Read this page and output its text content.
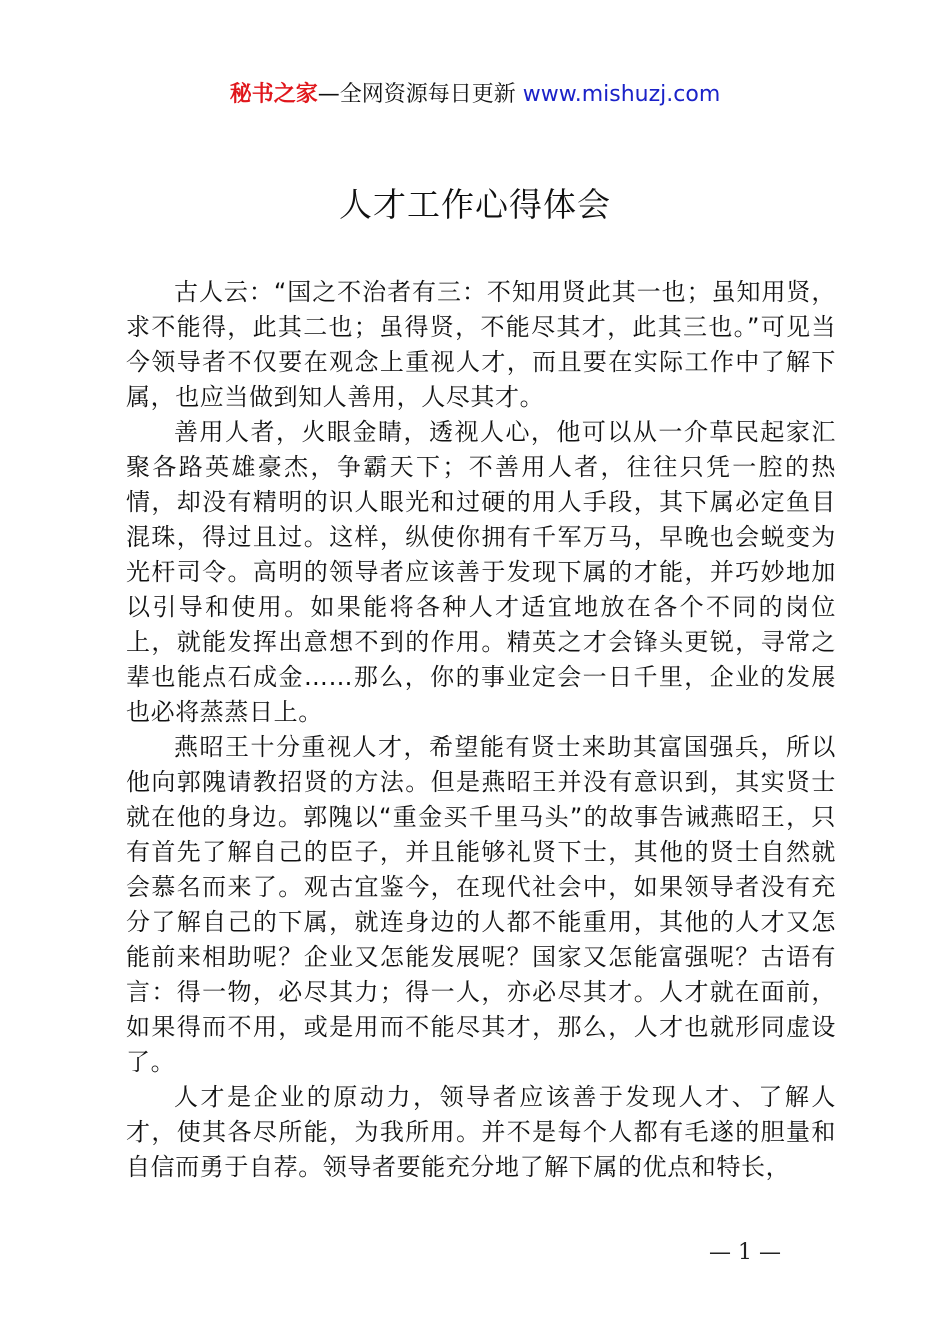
秘书之家—全网资源每日更新 www.mishuzj.com
人才工作心得体会

古人云：“国之不治者有三：不知用贤此其一也；虽知用贤，求不能得，此其二也；虽得贤，不能尽其才，此其三也。”可见当今领导者不仅要在观念上重视人才，而且要在实际工作中了解下属，也应当做到知人善用，人尽其才。

善用人者，火眼金睛，透视人心，他可以从一介草民起家汇聚各路英雄豪杰，争霸天下；不善用人者，往往只凭一腔的热情，却没有精明的识人眼光和过硬的用人手段，其下属必定鱼目混珠，得过且过。这样，纵使你拥有千军万马，早晚也会蜕变为光杆司令。高明的领导者应该善于发现下属的才能，并巧妙地加以引导和使用。如果能将各种人才适宜地放在各个不同的岗位上，就能发挥出意想不到的作用。精英之才会锋头更锐，寻常之辈也能点石成金……那么，你的事业定会一日千里，企业的发展也必将蒸蒸日上。

燕昭王十分重视人才，希望能有贤士来助其富国强兵，所以他向郭隗请教招贤的方法。但是燕昭王并没有意识到，其实贤士就在他的身边。郭隗以“重金买千里马头”的故事告诫燕昭王，只有首先了解自己的臣子，并且能够礼贤下士，其他的贤士自然就会慕名而来了。观古宜鉴今，在现代社会中，如果领导者没有充分了解自己的下属，就连身边的人都不能重用，其他的人才又怎能前来相助呢？企业又怎能发展呢？国家又怎能富强呢？古语有言：得一物，必尽其力；得一人，亦必尽其才。人才就在面前，如果得而不用，或是用而不能尽其才，那么，人才也就形同虚设了。

人才是企业的原动力，领导者应该善于发现人才、了解人才，使其各尽所能，为我所用。并不是每个人都有毛遂的胆量和自信而勇于自荐。领导者要能充分地了解下属的优点和特长，

— 1 —
